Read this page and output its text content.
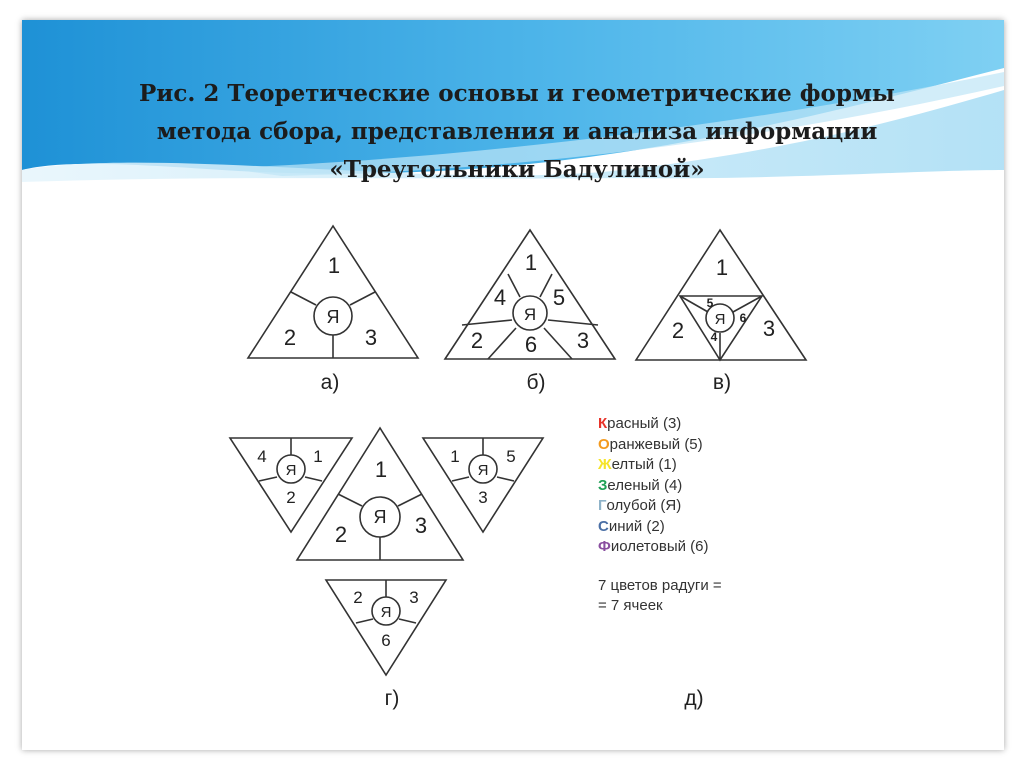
Рис. 2 Теоретические основы и геометрические формы
метода сбора, представления и анализа информации
«Треугольники Бадулиной»
1
2	3
Я
а)
1
4 5
Я
2 6 3
б)
1
5
Я 6
4
2	3
в)
4
Я
1
2
1
Я
2	3
1
Я
5
3
2
Я
3
6
г)	д)
Красный (3)
Оранжевый (5)
Желтый (1)
Зеленый (4)
Голубой (Я)
Синий (2)
Фиолетовый (6)
7 цветов радуги =
= 7 ячеек
